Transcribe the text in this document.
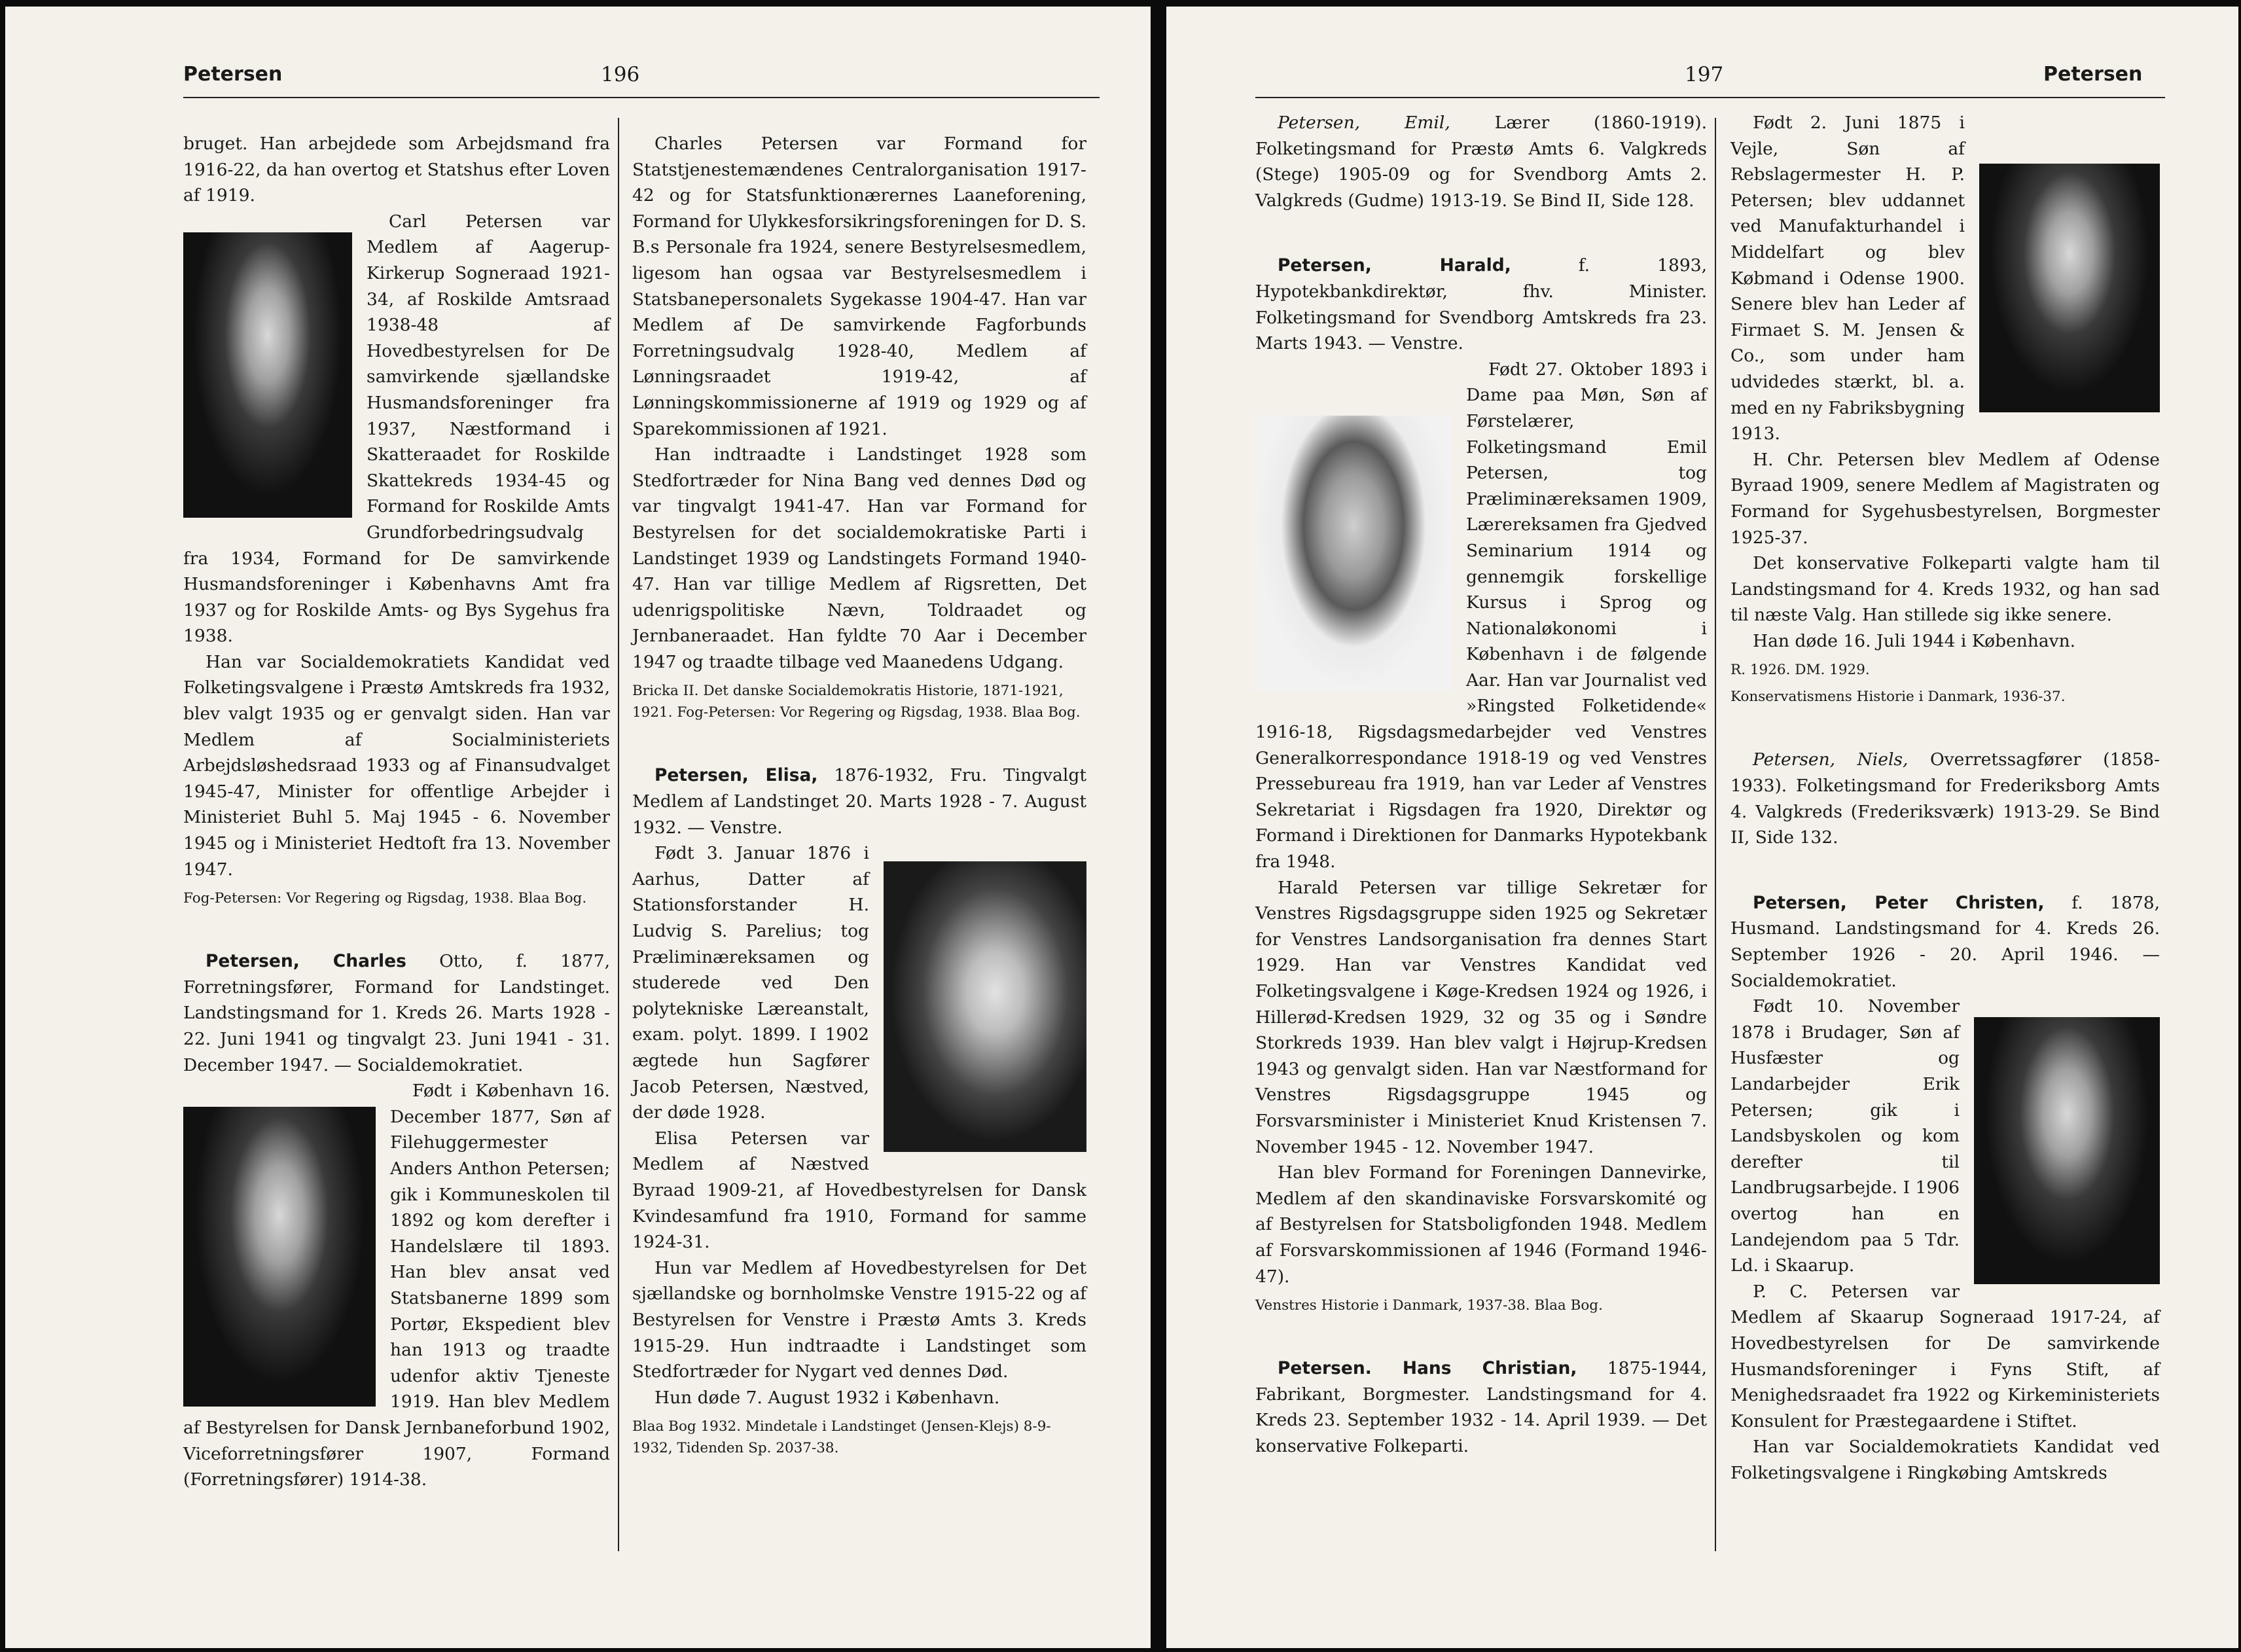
Petersen	196

bruget. Han arbejdede som Arbejdsmand fra 1916-22, da han overtog et Statshus efter Loven af 1919.

Carl Petersen var Medlem af Aagerup-Kirkerup Sogneraad 1921-34, af Roskilde Amtsraad 1938-48 af Hovedbestyrelsen for De samvirkende sjællandske Husmandsforeninger fra 1937, Næstformand i Skatteraadet for Roskilde Skattekreds 1934-45 og Formand for Roskilde Amts Grundforbedringsudvalg fra 1934, Formand for De samvirkende Husmandsforeninger i Københavns Amt fra 1937 og for Roskilde Amts- og Bys Sygehus fra 1938.

Han var Socialdemokratiets Kandidat ved Folketingsvalgene i Præstø Amtskreds fra 1932, blev valgt 1935 og er genvalgt siden. Han var Medlem af Socialministeriets Arbejdsløshedsraad 1933 og af Finansudvalget 1945-47, Minister for offentlige Arbejder i Ministeriet Buhl 5. Maj 1945 - 6. November 1945 og i Ministeriet Hedtoft fra 13. November 1947.

Fog-Petersen: Vor Regering og Rigsdag, 1938. Blaa Bog.

Petersen, Charles Otto, f. 1877, Forretningsfører, Formand for Landstinget. Landstingsmand for 1. Kreds 26. Marts 1928 - 22. Juni 1941 og tingvalgt 23. Juni 1941 - 31. December 1947. — Socialdemokratiet.

Født i København 16. December 1877, Søn af Filehuggermester Anders Anthon Petersen; gik i Kommuneskolen til 1892 og kom derefter i Handelslære til 1893. Han blev ansat ved Statsbanerne 1899 som Portør, Ekspedient blev han 1913 og traadte udenfor aktiv Tjeneste 1919. Han blev Medlem af Bestyrelsen for Dansk Jernbaneforbund 1902, Viceforretningsfører 1907, Formand (Forretningsfører) 1914-38.

Charles Petersen var Formand for Statstjenestemændenes Centralorganisation 1917-42 og for Statsfunktionærernes Laaneforening, Formand for Ulykkesforsikringsforeningen for D. S. B.s Personale fra 1924, senere Bestyrelsesmedlem, ligesom han ogsaa var Bestyrelsesmedlem i Statsbanepersonalets Sygekasse 1904-47. Han var Medlem af De samvirkende Fagforbunds Forretningsudvalg 1928-40, Medlem af Lønningsraadet 1919-42, af Lønningskommissionerne af 1919 og 1929 og af Sparekommissionen af 1921.

Han indtraadte i Landstinget 1928 som Stedfortræder for Nina Bang ved dennes Død og var tingvalgt 1941-47. Han var Formand for Bestyrelsen for det socialdemokratiske Parti i Landstinget 1939 og Landstingets Formand 1940-47. Han var tillige Medlem af Rigsretten, Det udenrigspolitiske Nævn, Toldraadet og Jernbaneraadet. Han fyldte 70 Aar i December 1947 og traadte tilbage ved Maanedens Udgang.

Bricka II. Det danske Socialdemokratis Historie, 1871-1921, 1921. Fog-Petersen: Vor Regering og Rigsdag, 1938. Blaa Bog.

Petersen, Elisa, 1876-1932, Fru. Tingvalgt Medlem af Landstinget 20. Marts 1928 - 7. August 1932. — Venstre.

Født 3. Januar 1876 i Aarhus, Datter af Stationsforstander H. Ludvig S. Parelius; tog Præliminæreksamen og studerede ved Den polytekniske Læreanstalt, exam. polyt. 1899. I 1902 ægtede hun Sagfører Jacob Petersen, Næstved, der døde 1928.

Elisa Petersen var Medlem af Næstved Byraad 1909-21, af Hovedbestyrelsen for Dansk Kvindesamfund fra 1910, Formand for samme 1924-31.

Hun var Medlem af Hovedbestyrelsen for Det sjællandske og bornholmske Venstre 1915-22 og af Bestyrelsen for Venstre i Præstø Amts 3. Kreds 1915-29. Hun indtraadte i Landstinget som Stedfortræder for Nygart ved dennes Død.

Hun døde 7. August 1932 i København.

Blaa Bog 1932. Mindetale i Landstinget (Jensen-Klejs) 8-9-1932, Tidenden Sp. 2037-38.

197	Petersen

Petersen, Emil, Lærer (1860-1919). Folketingsmand for Præstø Amts 6. Valgkreds (Stege) 1905-09 og for Svendborg Amts 2. Valgkreds (Gudme) 1913-19. Se Bind II, Side 128.

Petersen, Harald, f. 1893, Hypotekbankdirektør, fhv. Minister. Folketingsmand for Svendborg Amtskreds fra 23. Marts 1943. — Venstre.

Født 27. Oktober 1893 i Dame paa Møn, Søn af Førstelærer, Folketingsmand Emil Petersen, tog Præliminæreksamen 1909, Lærereksamen fra Gjedved Seminarium 1914 og gennemgik forskellige Kursus i Sprog og Nationaløkonomi i København i de følgende Aar. Han var Journalist ved »Ringsted Folketidende« 1916-18, Rigsdagsmedarbejder ved Venstres Generalkorrespondance 1918-19 og ved Venstres Pressebureau fra 1919, han var Leder af Venstres Sekretariat i Rigsdagen fra 1920, Direktør og Formand i Direktionen for Danmarks Hypotekbank fra 1948.

Harald Petersen var tillige Sekretær for Venstres Rigsdagsgruppe siden 1925 og Sekretær for Venstres Landsorganisation fra dennes Start 1929. Han var Venstres Kandidat ved Folketingsvalgene i Køge-Kredsen 1924 og 1926, i Hillerød-Kredsen 1929, 32 og 35 og i Søndre Storkreds 1939. Han blev valgt i Højrup-Kredsen 1943 og genvalgt siden. Han var Næstformand for Venstres Rigsdagsgruppe 1945 og Forsvarsminister i Ministeriet Knud Kristensen 7. November 1945 - 12. November 1947.

Han blev Formand for Foreningen Dannevirke, Medlem af den skandinaviske Forsvarskomité og af Bestyrelsen for Statsboligfonden 1948. Medlem af Forsvarskommissionen af 1946 (Formand 1946-47).

Venstres Historie i Danmark, 1937-38. Blaa Bog.

Petersen. Hans Christian, 1875-1944, Fabrikant, Borgmester. Landstingsmand for 4. Kreds 23. September 1932 - 14. April 1939. — Det konservative Folkeparti.

Født 2. Juni 1875 i Vejle, Søn af Rebslagermester H. P. Petersen; blev uddannet ved Manufakturhandel i Middelfart og blev Købmand i Odense 1900. Senere blev han Leder af Firmaet S. M. Jensen & Co., som under ham udvidedes stærkt, bl. a. med en ny Fabriksbygning 1913.

H. Chr. Petersen blev Medlem af Odense Byraad 1909, senere Medlem af Magistraten og Formand for Sygehusbestyrelsen, Borgmester 1925-37.

Det konservative Folkeparti valgte ham til Landstingsmand for 4. Kreds 1932, og han sad til næste Valg. Han stillede sig ikke senere.

Han døde 16. Juli 1944 i København.

R. 1926. DM. 1929.

Konservatismens Historie i Danmark, 1936-37.

Petersen, Niels, Overretssagfører (1858-1933). Folketingsmand for Frederiksborg Amts 4. Valgkreds (Frederiksværk) 1913-29. Se Bind II, Side 132.

Petersen, Peter Christen, f. 1878, Husmand. Landstingsmand for 4. Kreds 26. September 1926 - 20. April 1946. — Socialdemokratiet.

Født 10. November 1878 i Brudager, Søn af Husfæster og Landarbejder Erik Petersen; gik i Landsbyskolen og kom derefter til Landbrugsarbejde. I 1906 overtog han en Landejendom paa 5 Tdr. Ld. i Skaarup.

P. C. Petersen var Medlem af Skaarup Sogneraad 1917-24, af Hovedbestyrelsen for De samvirkende Husmandsforeninger i Fyns Stift, af Menighedsraadet fra 1922 og Kirkeministeriets Konsulent for Præstegaardene i Stiftet.

Han var Socialdemokratiets Kandidat ved Folketingsvalgene i Ringkøbing Amtskreds
